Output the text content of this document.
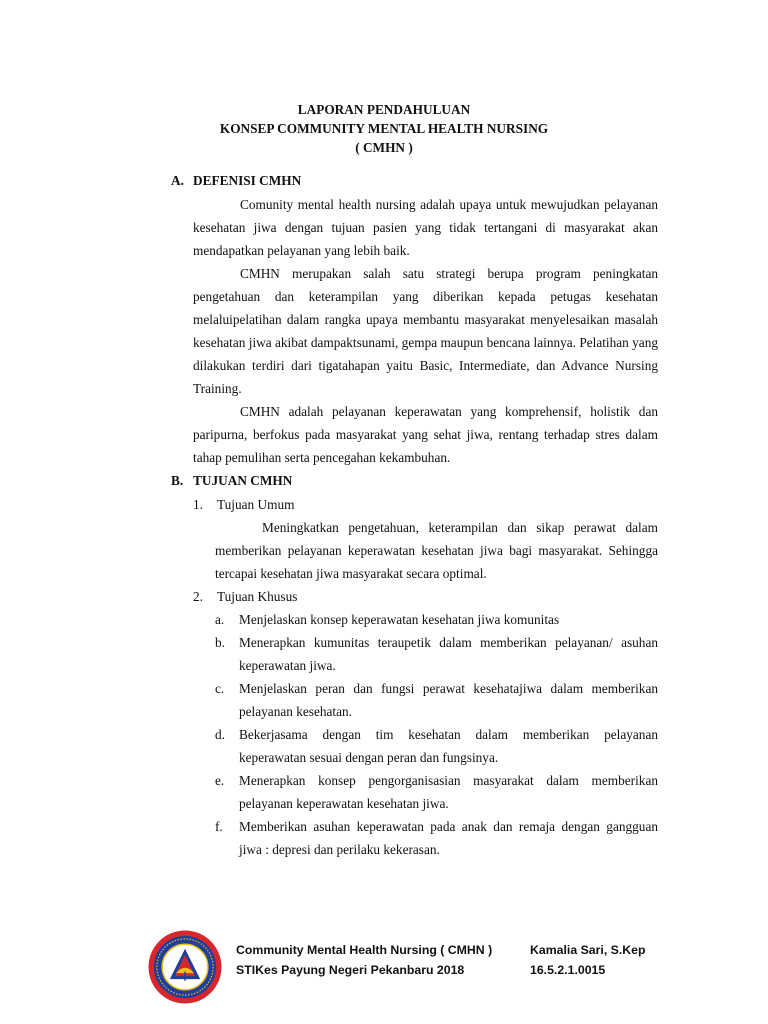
LAPORAN PENDAHULUAN
KONSEP COMMUNITY MENTAL HEALTH NURSING
( CMHN )
A. DEFENISI CMHN

Comunity mental health nursing adalah upaya untuk mewujudkan pelayanan kesehatan jiwa dengan tujuan pasien yang tidak tertangani di masyarakat akan mendapatkan pelayanan yang lebih baik.

CMHN merupakan salah satu strategi berupa program peningkatan pengetahuan dan keterampilan yang diberikan kepada petugas kesehatan melaluipelatihan dalam rangka upaya membantu masyarakat menyelesaikan masalah kesehatan jiwa akibat dampaktsunami, gempa maupun bencana lainnya. Pelatihan yang dilakukan terdiri dari tigatahapan yaitu Basic, Intermediate, dan Advance Nursing Training.

CMHN adalah pelayanan keperawatan yang komprehensif, holistik dan paripurna, berfokus pada masyarakat yang sehat jiwa, rentang terhadap stres dalam tahap pemulihan serta pencegahan kekambuhan.

B. TUJUAN CMHN
1. Tujuan Umum

Meningkatkan pengetahuan, keterampilan dan sikap perawat dalam memberikan pelayanan keperawatan kesehatan jiwa bagi masyarakat. Sehingga tercapai kesehatan jiwa masyarakat secara optimal.

2. Tujuan Khusus
a. Menjelaskan konsep keperawatan kesehatan jiwa komunitas
b. Menerapkan kumunitas teraupetik dalam memberikan pelayanan/ asuhan keperawatan jiwa.
c. Menjelaskan peran dan fungsi perawat kesehatajiwa dalam memberikan pelayanan kesehatan.
d. Bekerjasama dengan tim kesehatan dalam memberikan pelayanan keperawatan sesuai dengan peran dan fungsinya.
e. Menerapkan konsep pengorganisasian masyarakat dalam memberikan pelayanan keperawatan kesehatan jiwa.
f. Memberikan asuhan keperawatan pada anak dan remaja dengan gangguan jiwa : depresi dan perilaku kekerasan.
Community Mental Health Nursing ( CMHN )
STIKes Payung Negeri Pekanbaru 2018
Kamalia Sari, S.Kep
16.5.2.1.0015
